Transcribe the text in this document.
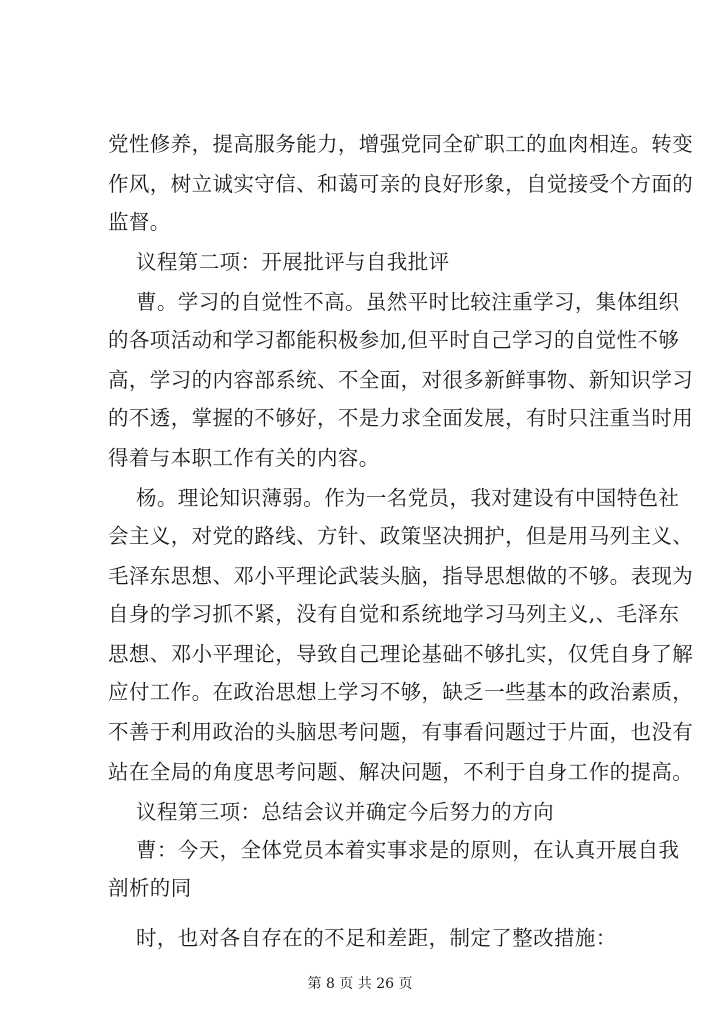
党性修养，提高服务能力，增强党同全矿职工的血肉相连。转变
作风，树立诚实守信、和蔼可亲的良好形象，自觉接受个方面的
监督。
议程第二项：开展批评与自我批评
曹。学习的自觉性不高。虽然平时比较注重学习，集体组织
的各项活动和学习都能积极参加,但平时自己学习的自觉性不够
高，学习的内容部系统、不全面，对很多新鲜事物、新知识学习
的不透，掌握的不够好，不是力求全面发展，有时只注重当时用
得着与本职工作有关的内容。
杨。理论知识薄弱。作为一名党员，我对建设有中国特色社
会主义，对党的路线、方针、政策坚决拥护，但是用马列主义、
毛泽东思想、邓小平理论武装头脑，指导思想做的不够。表现为
自身的学习抓不紧，没有自觉和系统地学习马列主义,、毛泽东
思想、邓小平理论，导致自己理论基础不够扎实，仅凭自身了解
应付工作。在政治思想上学习不够，缺乏一些基本的政治素质，
不善于利用政治的头脑思考问题，有事看问题过于片面，也没有
站在全局的角度思考问题、解决问题，不利于自身工作的提高。
议程第三项：总结会议并确定今后努力的方向
曹：今天，全体党员本着实事求是的原则，在认真开展自我
剖析的同
时，也对各自存在的不足和差距，制定了整改措施：
第 8 页 共 26 页
